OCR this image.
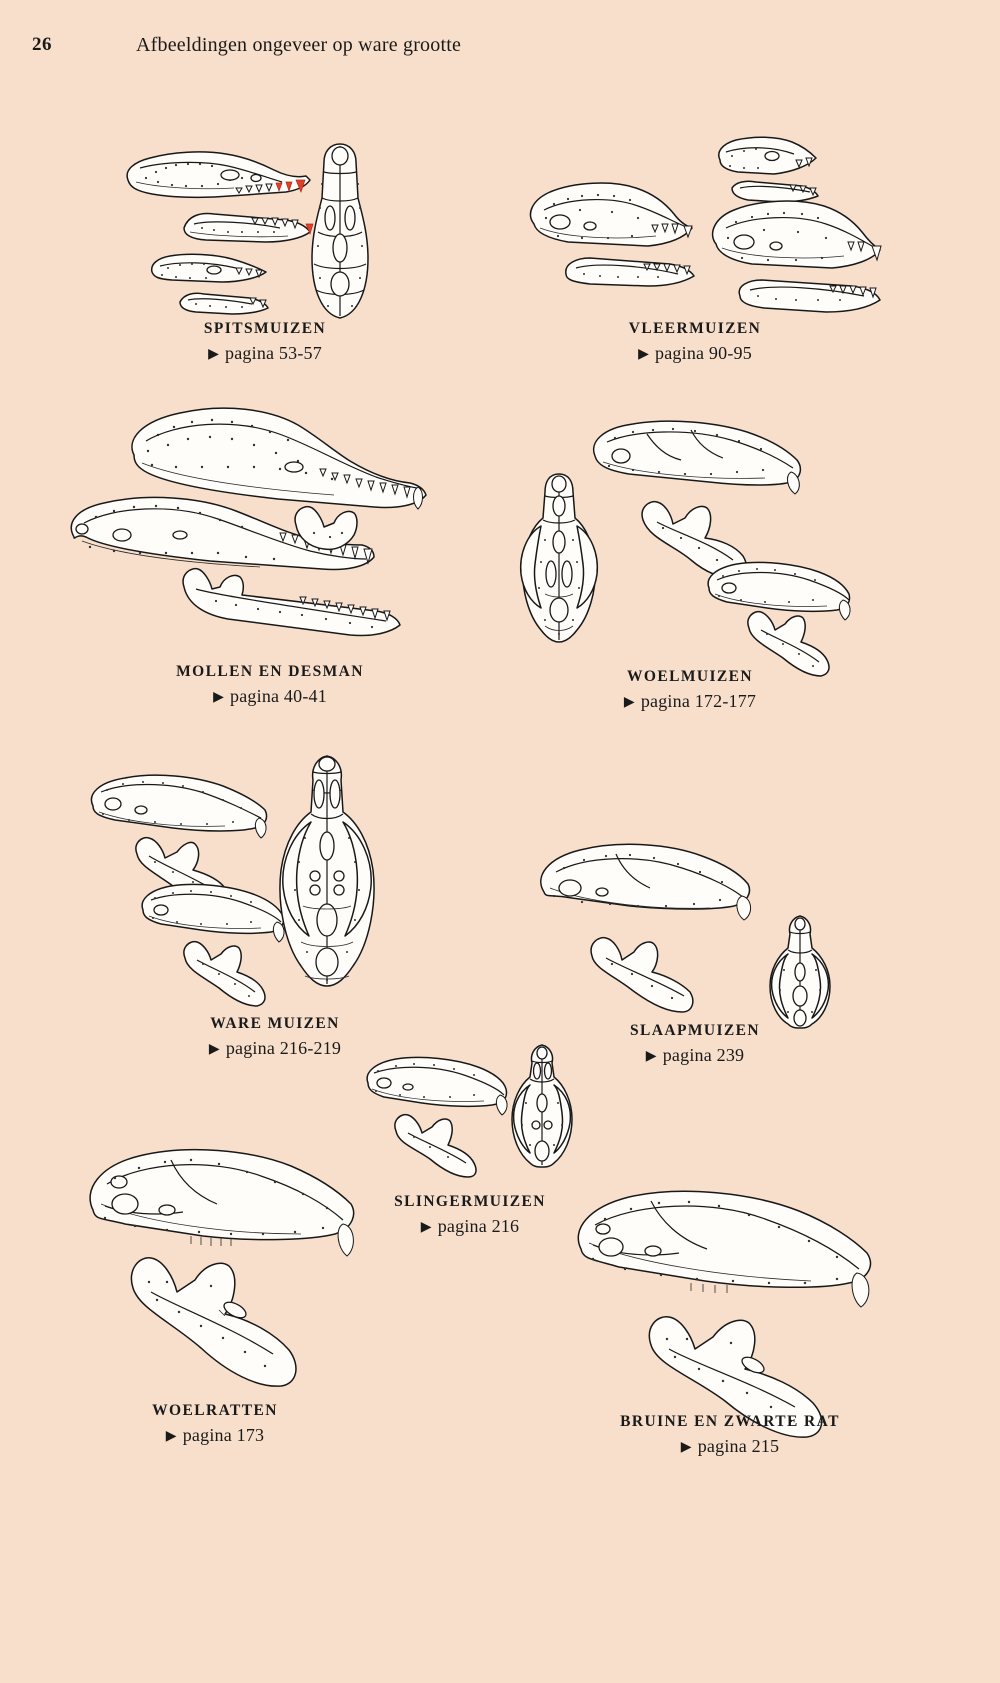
26	Afbeeldingen ongeveer op ware grootte
SPITSMUIZEN
▶ pagina 53-57
VLEERMUIZEN
▶ pagina 90-95
MOLLEN EN DESMAN
▶ pagina 40-41
WOELMUIZEN
▶ pagina 172-177
WARE MUIZEN
▶ pagina 216-219
SLAAPMUIZEN
▶ pagina 239
SLINGERMUIZEN
▶ pagina 216
WOELRATTEN
▶ pagina 173
BRUINE EN ZWARTE RAT
▶ pagina 215
